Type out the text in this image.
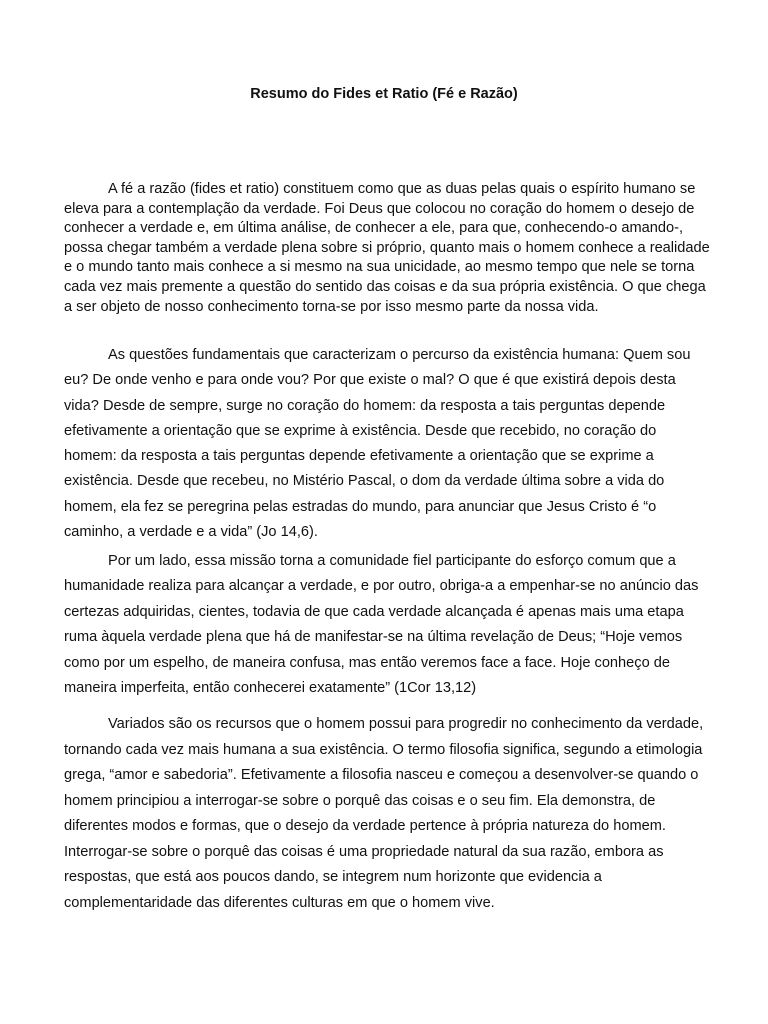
Resumo do Fides et Ratio (Fé e Razão)

A fé a razão (fides et ratio) constituem como que as duas pelas quais o espírito humano se eleva para a contemplação da verdade. Foi Deus que colocou no coração do homem o desejo de conhecer a verdade e, em última análise, de conhecer a ele, para que, conhecendo-o amando-, possa chegar também a verdade plena sobre si próprio, quanto mais o homem conhece a realidade e o mundo tanto mais conhece a si mesmo na sua unicidade, ao mesmo tempo que nele se torna cada vez mais premente a questão do sentido das coisas e da sua própria existência. O que chega a ser objeto de nosso conhecimento torna-se por isso mesmo parte da nossa vida.

As questões fundamentais que caracterizam o percurso da existência humana: Quem sou eu? De onde venho e para onde vou? Por que existe o mal? O que é que existirá depois desta vida? Desde de sempre, surge no coração do homem: da resposta a tais perguntas depende efetivamente a orientação que se exprime à existência. Desde que recebido, no coração do homem: da resposta a tais perguntas depende efetivamente a orientação que se exprime a existência. Desde que recebeu, no Mistério Pascal, o dom da verdade última sobre a vida do homem, ela fez se peregrina pelas estradas do mundo, para anunciar que Jesus Cristo é “o caminho, a verdade e a vida” (Jo 14,6).

Por um lado, essa missão torna a comunidade fiel participante do esforço comum que a humanidade realiza para alcançar a verdade, e por outro, obriga-a a empenhar-se no anúncio das certezas adquiridas, cientes, todavia de que cada verdade alcançada é apenas mais uma etapa ruma àquela verdade plena que há de manifestar-se na última revelação de Deus; “Hoje vemos como por um espelho, de maneira confusa, mas então veremos face a face. Hoje conheço de maneira imperfeita, então conhecerei exatamente” (1Cor 13,12)

Variados são os recursos que o homem possui para progredir no conhecimento da verdade, tornando cada vez mais humana a sua existência. O termo filosofia significa, segundo a etimologia grega, “amor e sabedoria”. Efetivamente a filosofia nasceu e começou a desenvolver-se quando o homem principiou a interrogar-se sobre o porquê das coisas e o seu fim. Ela demonstra, de diferentes modos e formas, que o desejo da verdade pertence à própria natureza do homem. Interrogar-se sobre o porquê das coisas é uma propriedade natural da sua razão, embora as respostas, que está aos poucos dando, se integrem num horizonte que evidencia a complementaridade das diferentes culturas em que o homem vive.
